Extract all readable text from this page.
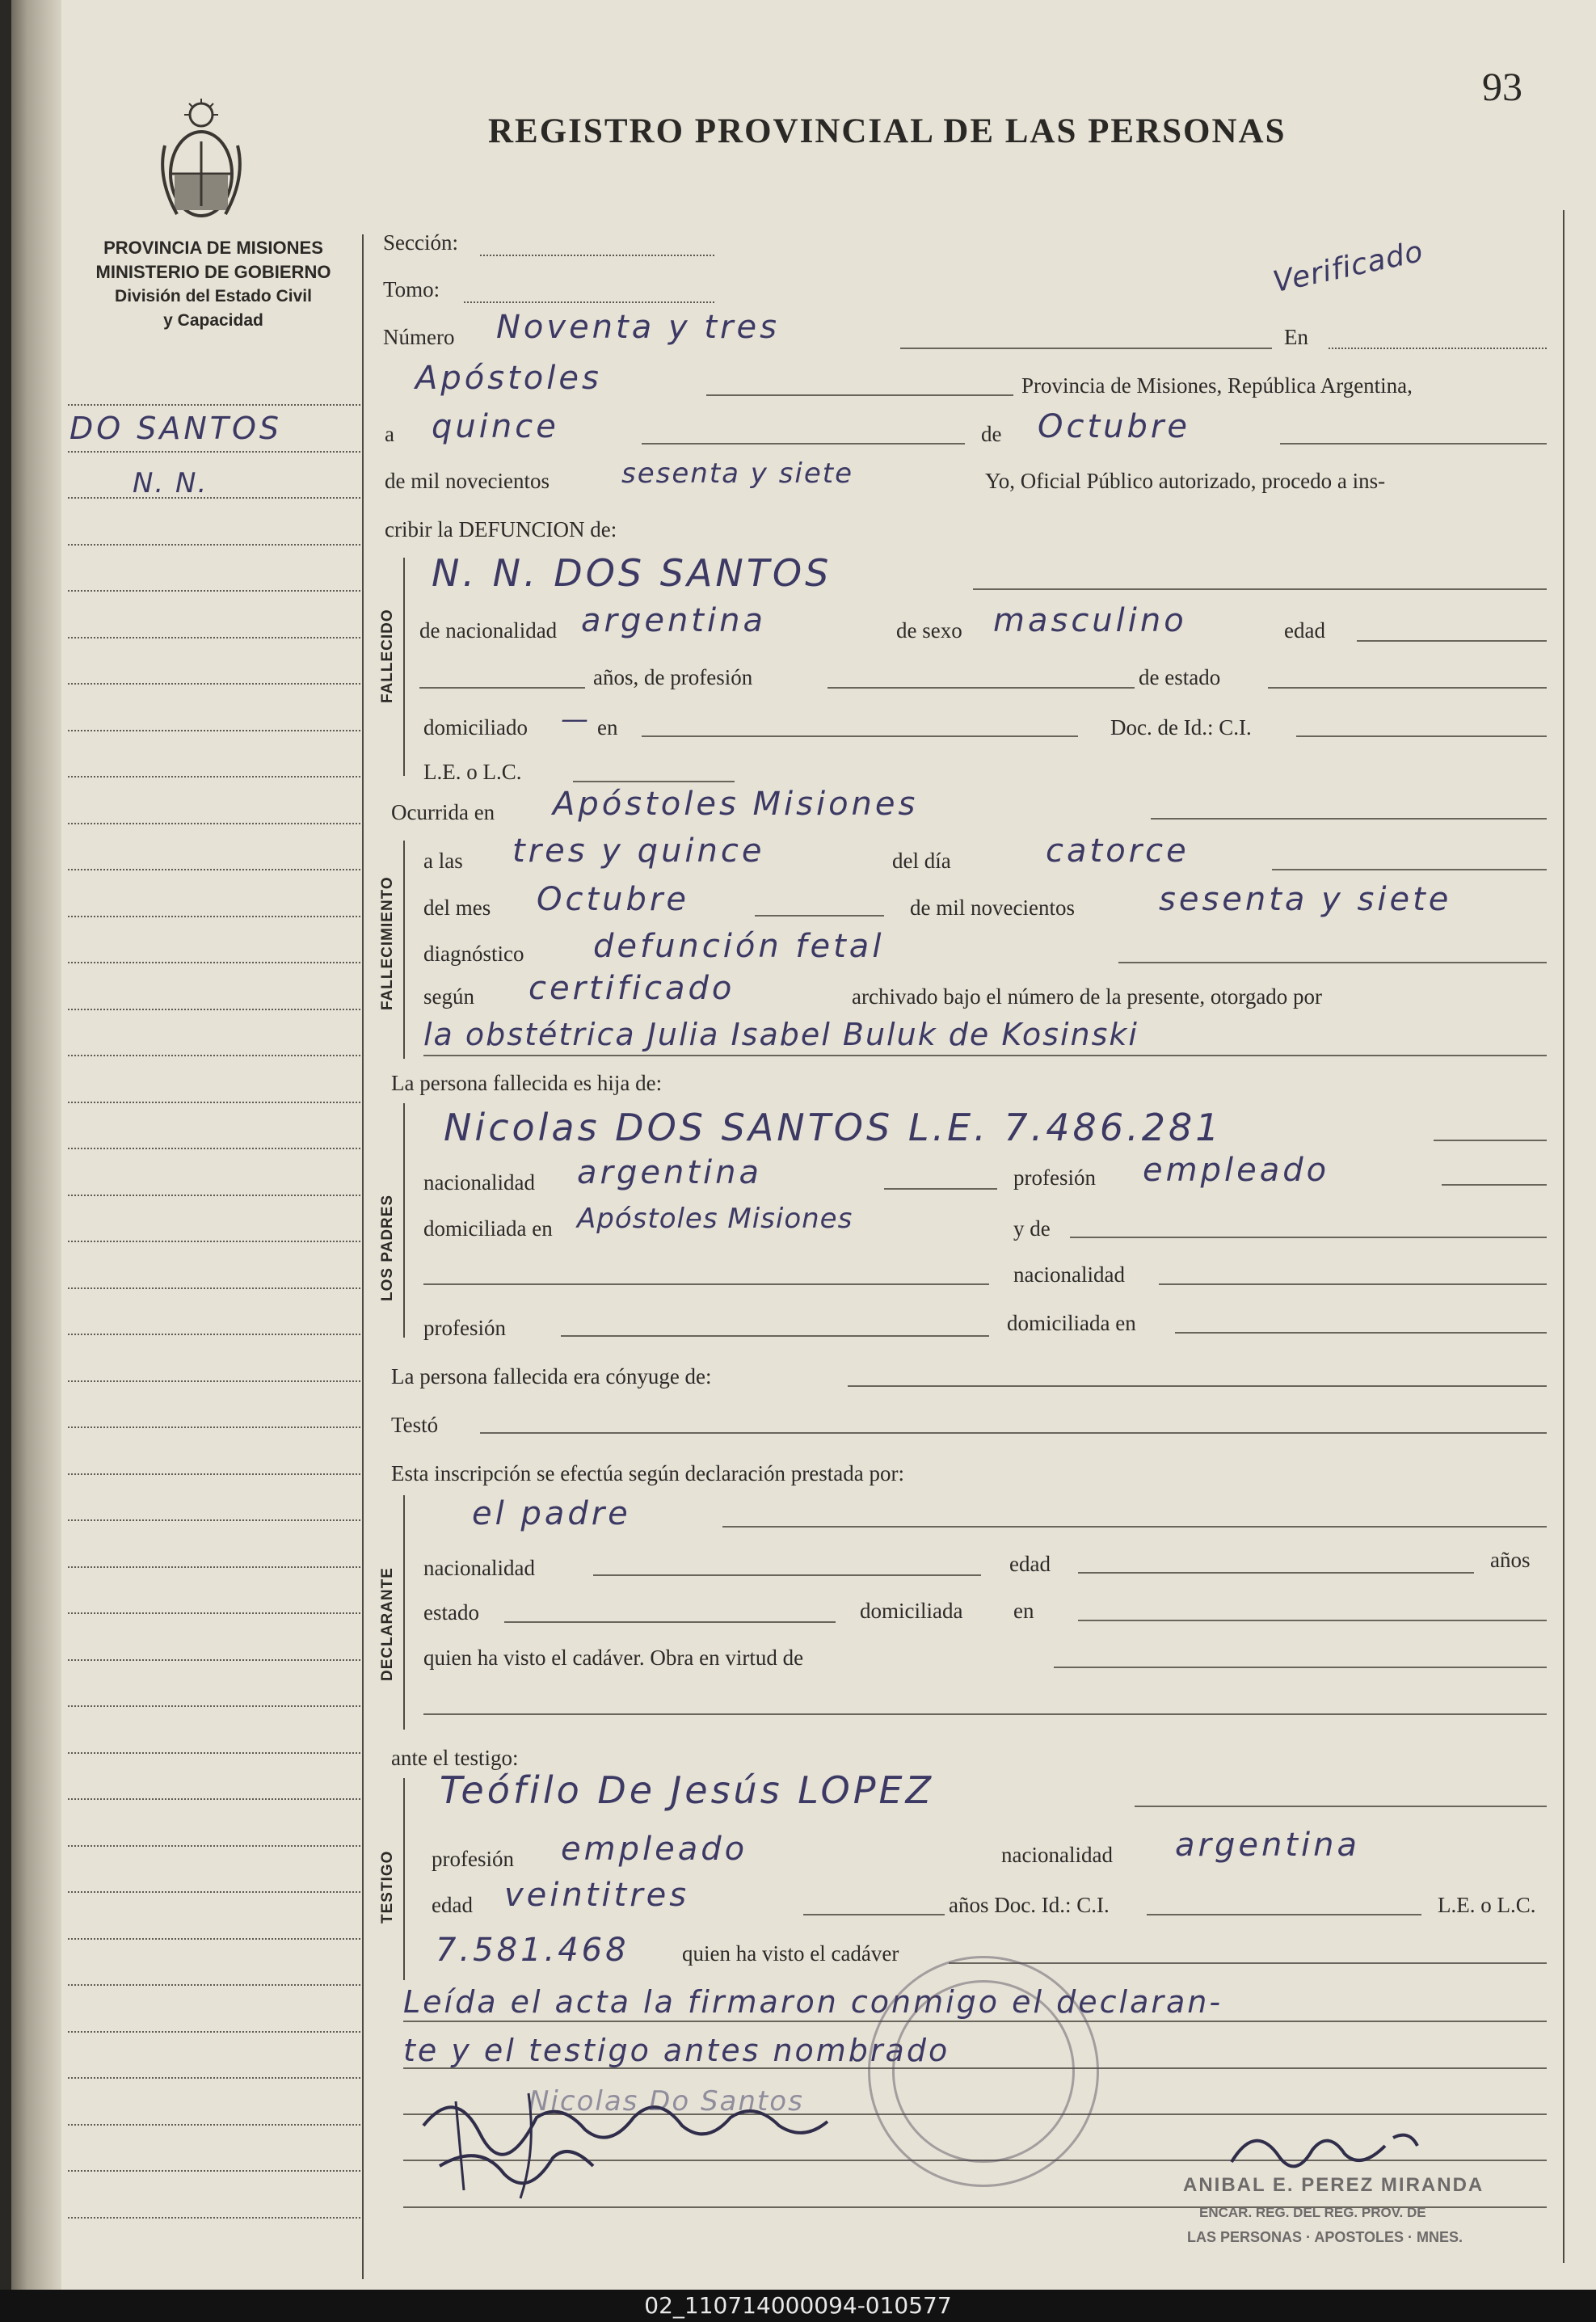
93
REGISTRO PROVINCIAL DE LAS PERSONAS
PROVINCIA DE MISIONES
MINISTERIO DE GOBIERNO
División del Estado Civil
y Capacidad
DO SANTOS
N. N.
Verificado
Sección:
Tomo:
Número Noventa y tres	En
Apóstoles	Provincia de Misiones, República Argentina,
a quince	de Octubre
de mil novecientos	sesenta y siete	Yo, Oficial Público autorizado, procedo a ins-
cribir la DEFUNCION de:
FALLECIDO
N. N. DOS SANTOS
de nacionalidad argentina	de sexo masculino	edad
años, de profesión	de estado
domiciliado — en	Doc. de Id.: C.I.
L.E. o L.C.
Ocurrida en Apóstoles Misiones
FALLECIMIENTO
a las tres y quince	del día	catorce
del mes Octubre	de mil novecientos	sesenta y siete
diagnóstico defunción fetal
según certificado	archivado bajo el número de la presente, otorgado por
la obstétrica Julia Isabel Buluk de Kosinski
La persona fallecida es hija de:
LOS PADRES
Nicolas DOS SANTOS L.E. 7.486.281
nacionalidad argentina	profesión empleado
domiciliada en Apóstoles Misiones	y de
nacionalidad
profesión	domiciliada en
La persona fallecida era cónyuge de:
Testó
Esta inscripción se efectúa según declaración prestada por:
DECLARANTE
el padre
nacionalidad	edad	años
estado	domiciliada en
quien ha visto el cadáver. Obra en virtud de
ante el testigo:
TESTIGO
Teófilo De Jesús LOPEZ
profesión empleado	nacionalidad argentina
edad veintitres	años Doc. Id.: C.I.	L.E. o L.C.
7.581.468 quien ha visto el cadáver
Leída el acta la firmaron conmigo el declaran-
te y el testigo antes nombrado
Nicolas Do Santos
ANIBAL E. PEREZ MIRANDA
ENCAR. REG. DEL REG. PROV. DE
LAS PERSONAS · APOSTOLES · MNES.
02_110714000094-010577
